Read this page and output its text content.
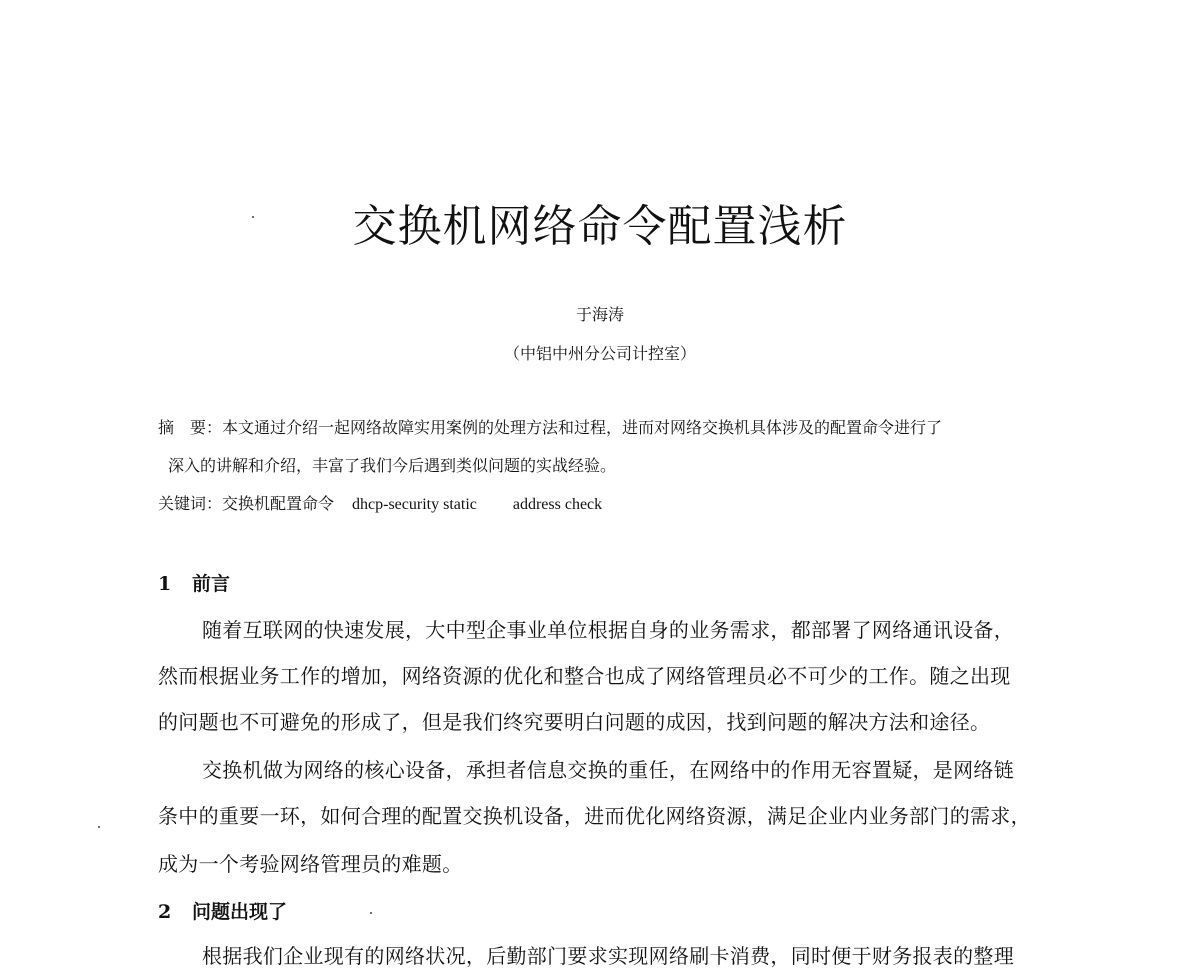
交换机网络命令配置浅析
于海涛
（中铝中州分公司计控室）
摘　要：本文通过介绍一起网络故障实用案例的处理方法和过程，进而对网络交换机具体涉及的配置命令进行了
深入的讲解和介绍，丰富了我们今后遇到类似问题的实战经验。
关键词：交换机配置命令 dhcp-security static address check
1 前言
随着互联网的快速发展，大中型企事业单位根据自身的业务需求，都部署了网络通讯设备，
然而根据业务工作的增加，网络资源的优化和整合也成了网络管理员必不可少的工作。随之出现
的问题也不可避免的形成了，但是我们终究要明白问题的成因，找到问题的解决方法和途径。
交换机做为网络的核心设备，承担者信息交换的重任，在网络中的作用无容置疑，是网络链
条中的重要一环，如何合理的配置交换机设备，进而优化网络资源，满足企业内业务部门的需求，
成为一个考验网络管理员的难题。
2 问题出现了
根据我们企业现有的网络状况，后勤部门要求实现网络刷卡消费，同时便于财务报表的整理
